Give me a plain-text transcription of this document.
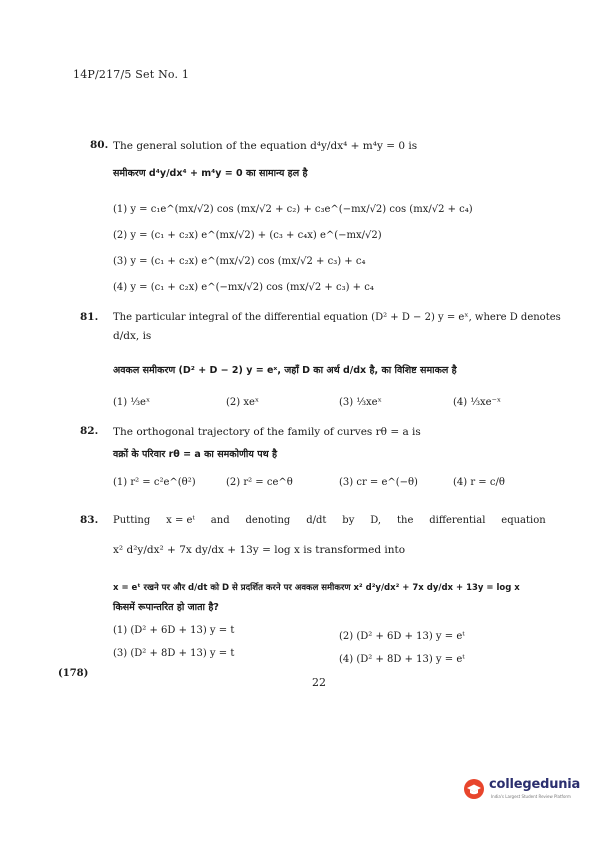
14P/217/5 Set No. 1
80. The general solution of the equation d⁴y/dx⁴ + m⁴y = 0 is
समीकरण d⁴y/dx⁴ + m⁴y = 0 का सामान्य हल है
(1) y = c₁e^(mx/√2) cos (mx/√2 + c₂) + c₃e^(−mx/√2) cos (mx/√2 + c₄)
(2) y = (c₁ + c₂x) e^(mx/√2) + (c₃ + c₄x) e^(−mx/√2)
(3) y = (c₁ + c₂x) e^(mx/√2) cos (mx/√2 + c₃) + c₄
(4) y = (c₁ + c₂x) e^(−mx/√2) cos (mx/√2 + c₃) + c₄
81. The particular integral of the differential equation (D² + D − 2) y = eˣ, where D denotes
d/dx, is
अवकल समीकरण (D² + D − 2) y = eˣ, जहाँ D का अर्थ d/dx है, का विशिष्ट समाकल है
(1) ⅓eˣ	(2) xeˣ	(3) ⅓xeˣ	(4) ⅓xe⁻ˣ
82. The orthogonal trajectory of the family of curves rθ = a is
वक्रों के परिवार rθ = a का समकोणीय पथ है
(1) r² = c²e^(θ²)	(2) r² = ce^θ	(3) cr = e^(−θ)	(4) r = c/θ
83. Putting     x = eᵗ     and     denoting     d/dt     by     D,     the     differential     equation
x² d²y/dx² + 7x dy/dx + 13y = log x is transformed into
x = eᵗ रखने पर और d/dt को D से प्रदर्शित करने पर अवकल समीकरण x² d²y/dx² + 7x dy/dx + 13y = log x
किसमें रूपान्तरित हो जाता है?
(1) (D² + 6D + 13) y = t
(2) (D² + 6D + 13) y = eᵗ
(3) (D² + 8D + 13) y = t
(4) (D² + 8D + 13) y = eᵗ
(178)
22
collegedunia
India's Largest Student Review Platform
